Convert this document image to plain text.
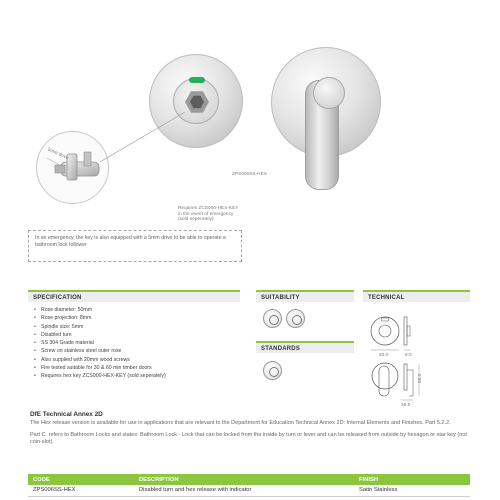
ZPS006SS-HEX
5mm drive
Requires ZCS000-HEX-KEY
in the event of emergency
(sold seperately)
In an emergency, the key is also equipped with a 5mm drive to be able to operate a bathroom lock follower
SPECIFICATION
• Rose diameter: 50mm
• Rose projection: 8mm
• Spindle size: 5mm
• Disabled turn
• SS 304 Grade material
• Screw on stainless steel outer rose
• Also supplied with 20mm wood screws
• Fire tested suitable for 30 & 60 min timber doors
• Requires hex key ZCS000-HEX-KEY (sold seperately)
SUITABILITY
STANDARDS
TECHNICAL
50.0	8.0
58.0
36.5
DfE Technical Annex 2D

The Hex release version is available for use in applications that are relevant to the Department for Education Technical Annex 2D: Internal Elements and Finishes. Part 5.2.2.

Part C. refers to Bathroom Locks and states: Bathroom Lock - Lock that can be locked from the inside by turn or lever and can be released from outside by hexagon or star key (not coin-slot).

CODE	DESCRIPTION	FINISH
ZPS006SS-HEX	Disabled turn and hex release with indicator	Satin Stainless
